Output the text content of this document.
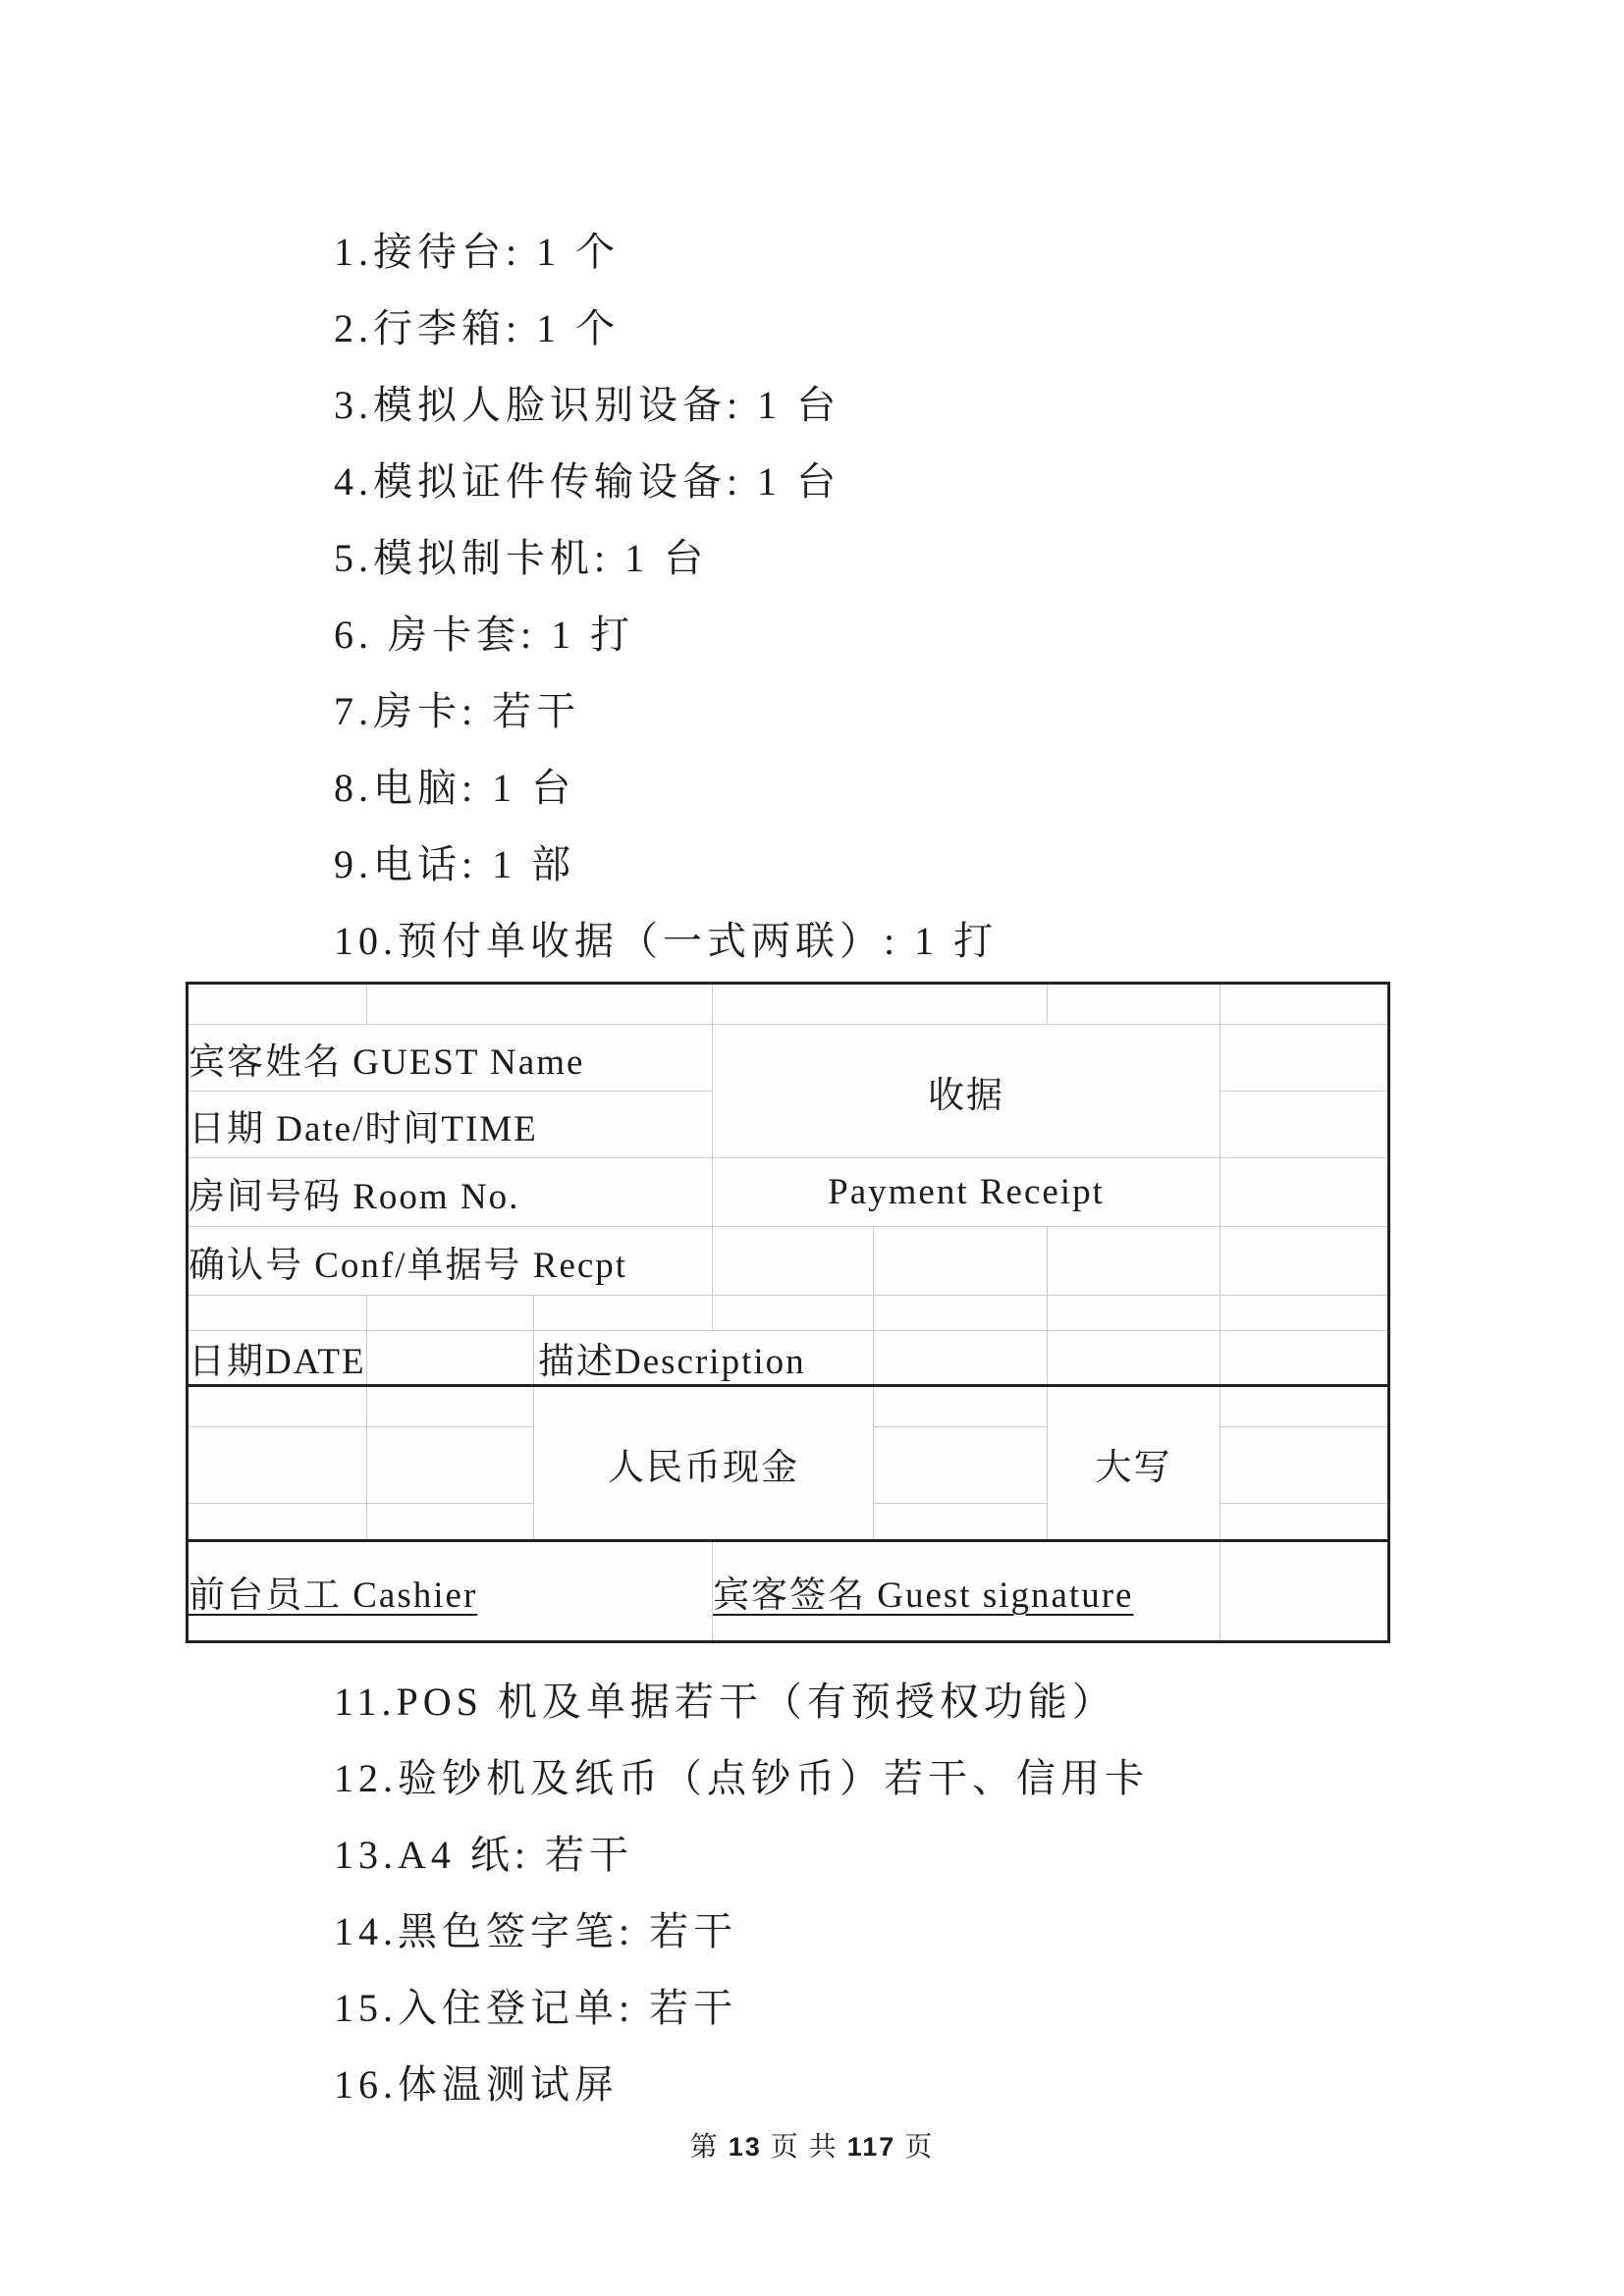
1.接待台: 1 个
2.行李箱: 1 个
3.模拟人脸识别设备: 1 台
4.模拟证件传输设备: 1 台
5.模拟制卡机: 1 台
6. 房卡套: 1 打
7.房卡: 若干
8.电脑: 1 台
9.电话: 1 部
10.预付单收据（一式两联）: 1 打

宾客姓名 GUEST Name			收据			
日期 Date/时间TIME						
房间号码 Room No.			Payment Receipt			
确认号 Conf/单据号 Recpt						

日期DATE		描述Description				
		人民币现金			大写	

前台员工 Cashier			宾客签名 Guest signature			
11.POS 机及单据若干（有预授权功能）
12.验钞机及纸币（点钞币）若干、信用卡
13.A4 纸: 若干
14.黑色签字笔: 若干
15.入住登记单: 若干
16.体温测试屏
第 13 页 共 117 页
